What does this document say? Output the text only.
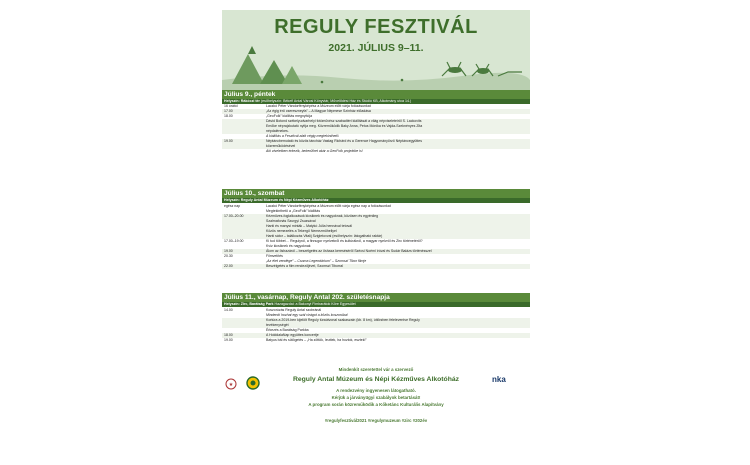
REGULY FESZTIVÁL
2021. JÚLIUS 9–11.
Július 9., péntek
Helyszín: Rákóczi tér (esőhelyszín: Békefi Antal Városi Könyvtár, Művelődési Ház és Stúdió KB, Alkotmány utca 14.)
16 órától	Laczkó Péter Vándorfényképész a Múzeum előtt várja fotózásunkat
17.00	„Az égig érő csereszneyfa” – A Magyar Népmese Színház előadása
18.00	„GeoFolk” kiállítás megnyitója
Dávid Botond székelyudvarhelyi fotóművész szabadtéri kiállítását a világ népviseleteiről S. Lackovits
Emőke néprajzkutató nyitja meg. Közreműködik Baky Anna, Petus Mónika és Vajda-Szeknényes Zita
népdalénekes.
A kiállítás a Fesztivál alatt végig megtekinthető.
19.00	Néptáncbemutató és közös táncház Vastag Richárd és a Gerence Hagyományőrző Néptáncegyüttes
közreműködésével
Aki viseletben érkezik, bekerülhet akár a GeoFolk projektbe is!
Július 10., szombat
Helyszín: Reguly Antal Múzeum és Népi Kézműves Alkotóház
egész nap	Laczkó Péter Vándorfényképész a Múzeum előtt várja egész nap a fotózásunkat
Megtekinthető a „GeoFolk” kiállítás
17.00–20.00	Kézműves-foglalkozások kicsiknek és nagyoknak, közösen és egyénileg
Szalmafonás Szurgyi Zsuzsával
Hanti és manysi minták – Matykó Júlia hennával tetovál
Közös nemezelés a Tekergő Nemezműhellyel
Hanti sátor – találkozás Vitalij Szigletovval (esőhelyszín: látogatható raktár)
17.00–19.00	Ki tud többet… Regulyról, a finnugor nyelvekről és kultúrákról, a magyar nyelvről és Zirc történetéről?
Kvíz kicsiknek és nagyoknak
19.00	Álom az őshazáról – beszélgetés az őshaza kereséséről Szécsi Noémi íróval és Sudár Balázs történésszel
20.30	Filmvetítés
„Az élet vendége” – Csoma Legendárium” – Szomszl Tibor filmje
22.00	Beszélgetés a film rendezőjével, Szomszl Tiborral
Július 11., vasárnap, Reguly Antal 202. születésnapja
Helyszín: Zirc, Barátság Park Hazagazdai: a Bakonyi Fimbarátok Köre Egyesület
14.00	Koszorúzás Reguly Antal szobránál
Mindenki hozhat egy szál virágot a közös koszorúba!
Kortúra a 2019-ben kijelölt Reguly túraútvonal szakaszain (kb. 8 km), úttörzben feleleventve Reguly
tevékenységét
Érkezés a Barátság Parkba
18.00	A HolddalaNap együttes koncertje
19.00	Batyus bál és sütögetés – „Ha zöttök, leuttek, ha hoztok, esztek!”
★
Mindenkit szeretettel vár a szervező
Reguly Antal Múzeum és Népi Kézműves Alkotóház
A rendezvény ingyenesen látogatható.
Kérjük a járványügyi szabályok betartását!
A program során közreműködik a Kőketánc Kulturális Alapítvány
nka
#regulyfesztivál2021 #regulymuzeum #zirc #202év
